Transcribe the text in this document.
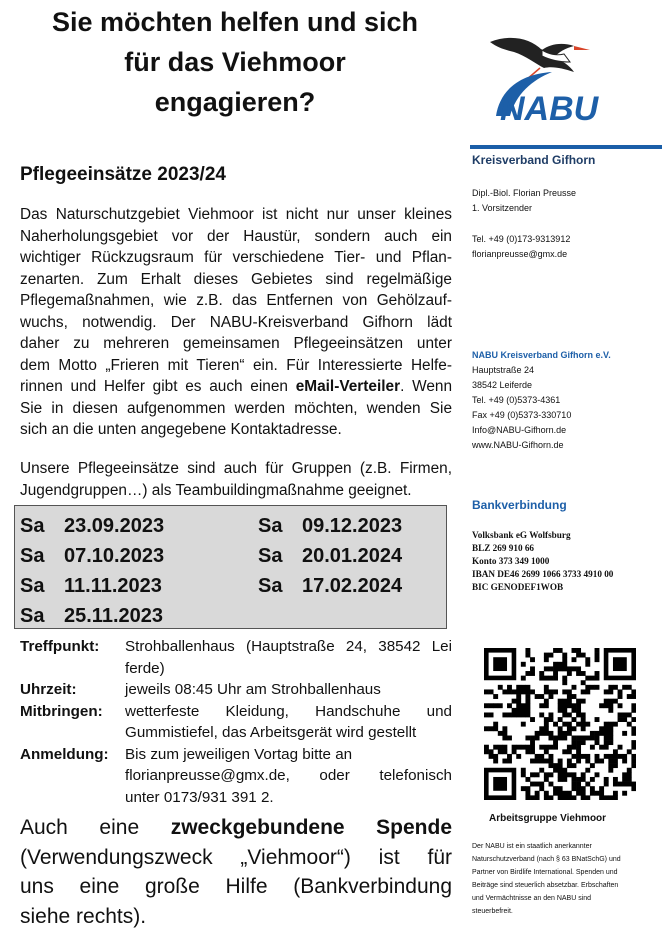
Sie möchten helfen und sich
für das Viehmoor
engagieren?
Pflegeeinsätze 2023/24
Das Naturschutzgebiet Viehmoor ist nicht nur unser kleines
Naherholungsgebiet vor der Haustür, sondern auch ein
wichtiger Rückzugsraum für verschiedene Tier- und Pflan-
zenarten. Zum Erhalt dieses Gebietes sind regelmäßige
Pflegemaßnahmen, wie z.B. das Entfernen von Gehölzauf-
wuchs, notwendig. Der NABU-Kreisverband Gifhorn lädt
daher zu mehreren gemeinsamen Pflegeeinsätzen unter
dem Motto „Frieren mit Tieren“ ein. Für Interessierte Helfe-
rinnen und Helfer gibt es auch einen eMail-Verteiler. Wenn
Sie in diesen aufgenommen werden möchten, wenden Sie
sich an die unten angegebene Kontaktadresse.
Unsere Pflegeeinsätze sind auch für Gruppen (z.B. Firmen,
Jugendgruppen…) als Teambuildingmaßnahme geeignet.
Sa 23.09.2023
Sa 07.10.2023
Sa 11.11.2023
Sa 25.11.2023
Sa 09.12.2023
Sa 20.01.2024
Sa 17.02.2024
Treffpunkt: Strohballenhaus (Hauptstraße 24, 38542 Lei
ferde)
Uhrzeit:	jeweils 08:45 Uhr am Strohballenhaus
Mitbringen: wetterfeste Kleidung, Handschuhe und
Gummistiefel, das Arbeitsgerät wird gestellt
Anmeldung: Bis zum jeweiligen Vortag bitte an
florianpreusse@gmx.de, oder telefonisch
unter 0173/931 391 2.
Auch eine zweckgebundene Spende
(Verwendungszweck „Viehmoor“) ist für
uns eine große Hilfe (Bankverbindung
siehe rechts).
NABU
Kreisverband Gifhorn
Dipl.-Biol. Florian Preusse
1. Vorsitzender
Tel. +49 (0)173-9313912
florianpreusse@gmx.de
NABU Kreisverband Gifhorn e.V.
Hauptstraße 24
38542 Leiferde
Tel. +49 (0)5373-4361
Fax +49 (0)5373-330710
Info@NABU-Gifhorn.de
www.NABU-Gifhorn.de
Bankverbindung
Volksbank eG Wolfsburg
BLZ 269 910 66
Konto 373 349 1000
IBAN DE46 2699 1066 3733 4910 00
BIC GENODEF1WOB
Arbeitsgruppe Viehmoor
Der NABU ist ein staatlich anerkannter
Naturschutzverband (nach § 63 BNatSchG) und
Partner von Birdlife International. Spenden und
Beiträge sind steuerlich absetzbar. Erbschaften
und Vermächtnisse an den NABU sind
steuerbefreit.
